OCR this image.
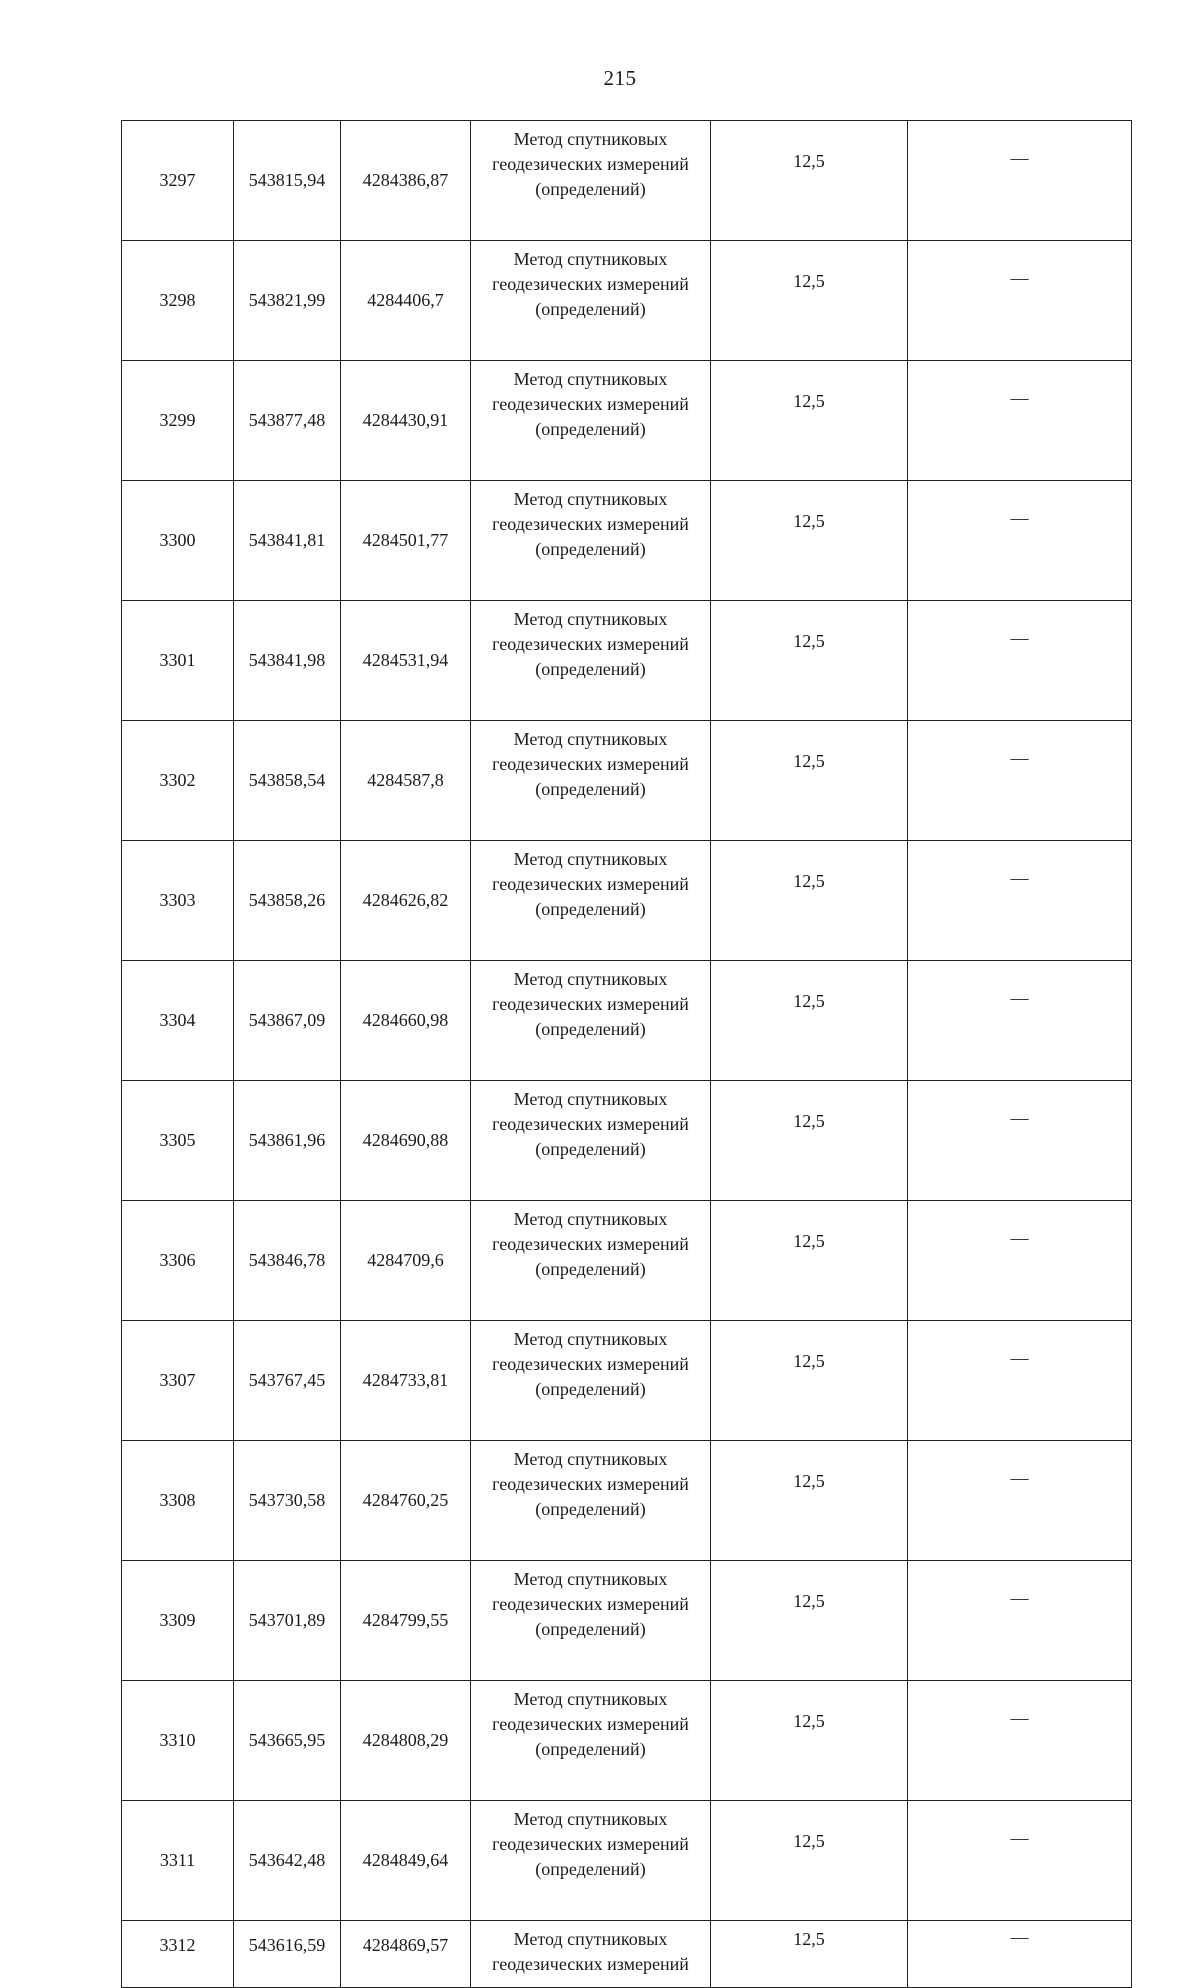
215
3297	543815,94	4284386,87	Метод спутниковых
геодезических измерений
(определений)	12,5	—
3298	543821,99	4284406,7	Метод спутниковых
геодезических измерений
(определений)	12,5	—
3299	543877,48	4284430,91	Метод спутниковых
геодезических измерений
(определений)	12,5	—
3300	543841,81	4284501,77	Метод спутниковых
геодезических измерений
(определений)	12,5	—
3301	543841,98	4284531,94	Метод спутниковых
геодезических измерений
(определений)	12,5	—
3302	543858,54	4284587,8	Метод спутниковых
геодезических измерений
(определений)	12,5	—
3303	543858,26	4284626,82	Метод спутниковых
геодезических измерений
(определений)	12,5	—
3304	543867,09	4284660,98	Метод спутниковых
геодезических измерений
(определений)	12,5	—
3305	543861,96	4284690,88	Метод спутниковых
геодезических измерений
(определений)	12,5	—
3306	543846,78	4284709,6	Метод спутниковых
геодезических измерений
(определений)	12,5	—
3307	543767,45	4284733,81	Метод спутниковых
геодезических измерений
(определений)	12,5	—
3308	543730,58	4284760,25	Метод спутниковых
геодезических измерений
(определений)	12,5	—
3309	543701,89	4284799,55	Метод спутниковых
геодезических измерений
(определений)	12,5	—
3310	543665,95	4284808,29	Метод спутниковых
геодезических измерений
(определений)	12,5	—
3311	543642,48	4284849,64	Метод спутниковых
геодезических измерений
(определений)	12,5	—
3312	543616,59	4284869,57	Метод спутниковых
геодезических измерений	12,5	—
